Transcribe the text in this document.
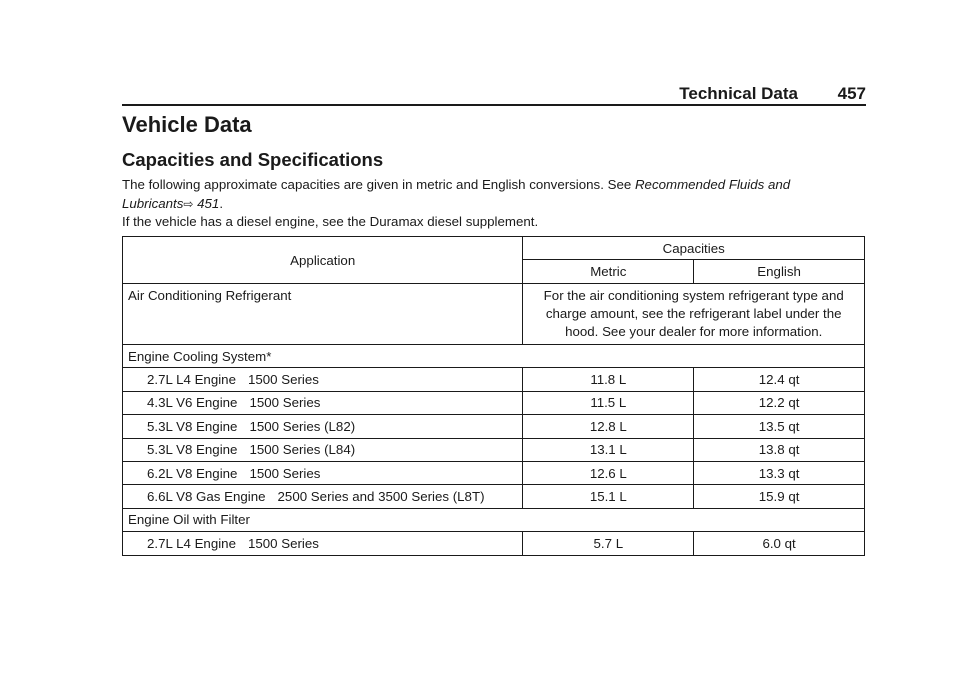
Technical Data 457
Vehicle Data
Capacities and Specifications
The following approximate capacities are given in metric and English conversions. See Recommended Fluids and Lubricants⇨ 451.
If the vehicle has a diesel engine, see the Duramax diesel supplement.
Application	Capacities	
	Metric	English
Air Conditioning Refrigerant	For the air conditioning system refrigerant type and charge amount, see the refrigerant label under the hood. See your dealer for more information.	
Engine Cooling System*		
2.7L L4 Engine 1500 Series	11.8 L	12.4 qt
4.3L V6 Engine 1500 Series	11.5 L	12.2 qt
5.3L V8 Engine 1500 Series (L82)	12.8 L	13.5 qt
5.3L V8 Engine 1500 Series (L84)	13.1 L	13.8 qt
6.2L V8 Engine 1500 Series	12.6 L	13.3 qt
6.6L V8 Gas Engine 2500 Series and 3500 Series (L8T)	15.1 L	15.9 qt
Engine Oil with Filter		
2.7L L4 Engine 1500 Series	5.7 L	6.0 qt
